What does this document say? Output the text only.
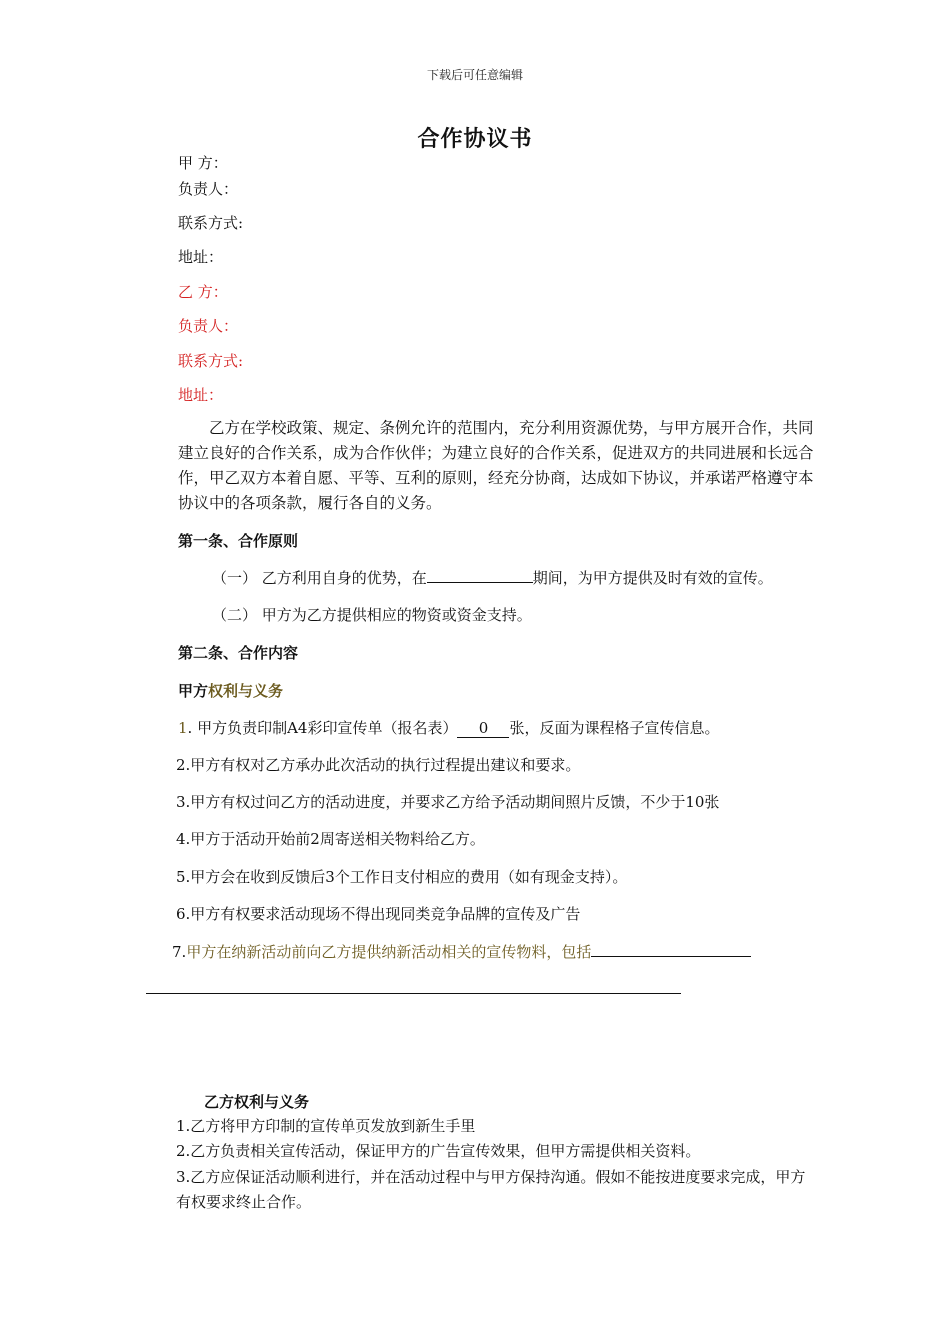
下载后可任意编辑
合作协议书
甲 方：
负责人：
联系方式:
地址：
乙 方：
负责人：
联系方式:
地址：
乙方在学校政策、规定、条例允许的范围内，充分利用资源优势，与甲方展开合作，共同建立良好的合作关系，成为合作伙伴；为建立良好的合作关系，促进双方的共同进展和长远合作，甲乙双方本着自愿、平等、互利的原则，经充分协商，达成如下协议，并承诺严格遵守本协议中的各项条款，履行各自的义务。
第一条、合作原则
（一） 乙方利用自身的优势，在	期间，为甲方提供及时有效的宣传。
（二） 甲方为乙方提供相应的物资或资金支持。
第二条、合作内容
甲方权利与义务
1. 甲方负责印制A4彩印宣传单（报名表） 0 张，反面为课程格子宣传信息。
2.甲方有权对乙方承办此次活动的执行过程提出建议和要求。
3.甲方有权过问乙方的活动进度，并要求乙方给予活动期间照片反馈，不少于10张
4.甲方于活动开始前2周寄送相关物料给乙方。
5.甲方会在收到反馈后3个工作日支付相应的费用（如有现金支持）。
6.甲方有权要求活动现场不得出现同类竞争品牌的宣传及广告
7.甲方在纳新活动前向乙方提供纳新活动相关的宣传物料，包括
乙方权利与义务
1.乙方将甲方印制的宣传单页发放到新生手里
2.乙方负责相关宣传活动，保证甲方的广告宣传效果，但甲方需提供相关资料。
3.乙方应保证活动顺利进行，并在活动过程中与甲方保持沟通。假如不能按进度要求完成，甲方有权要求终止合作。
